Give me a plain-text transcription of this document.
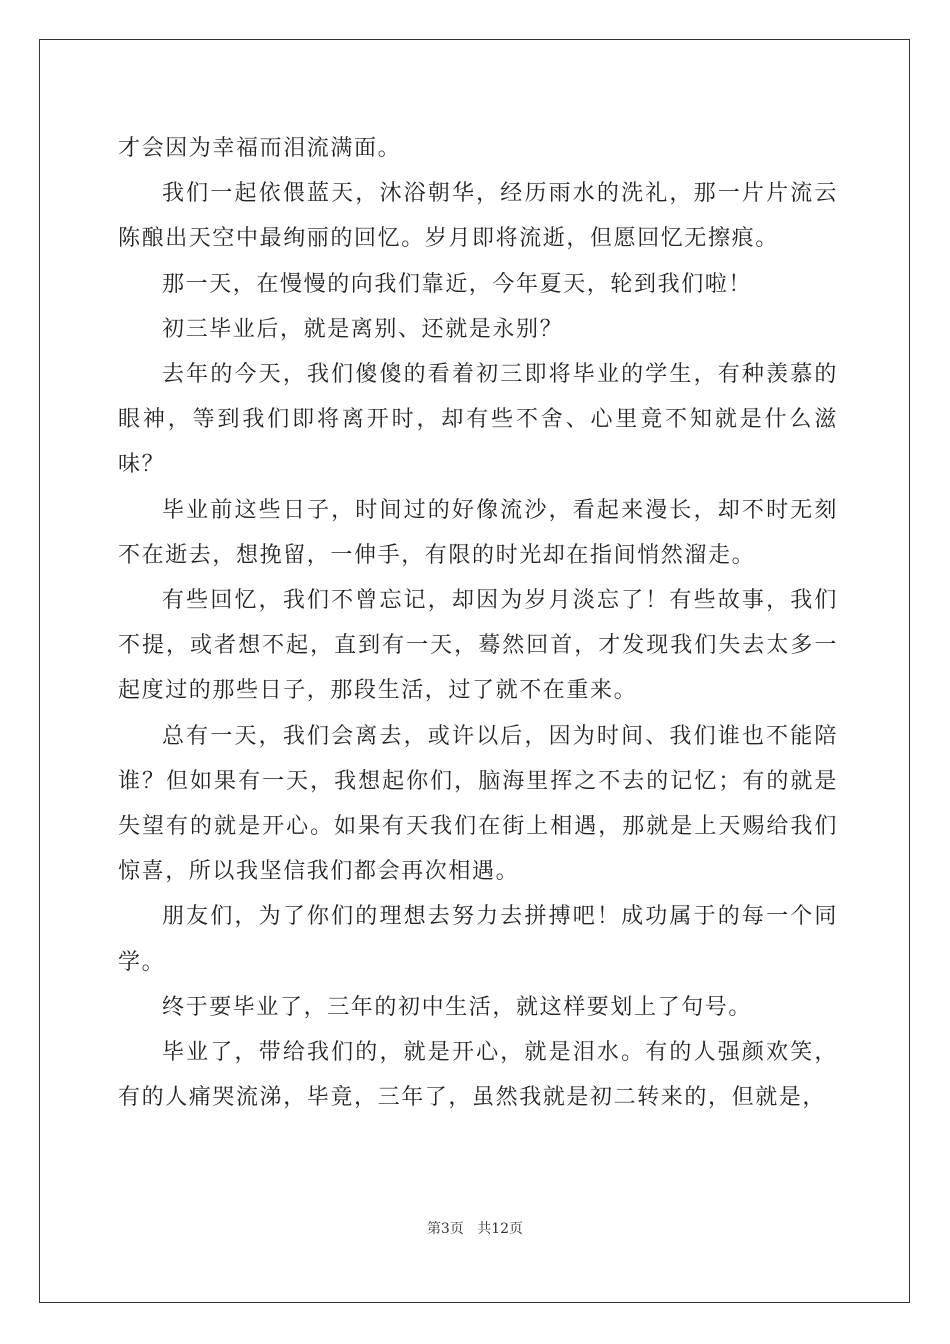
才会因为幸福而泪流满面。

我们一起依偎蓝天，沐浴朝华，经历雨水的洗礼，那一片片流云陈酿出天空中最绚丽的回忆。岁月即将流逝，但愿回忆无擦痕。

那一天，在慢慢的向我们靠近，今年夏天，轮到我们啦！

初三毕业后，就是离别、还就是永别？

去年的今天，我们傻傻的看着初三即将毕业的学生，有种羡慕的眼神，等到我们即将离开时，却有些不舍、心里竟不知就是什么滋味？

毕业前这些日子，时间过的好像流沙，看起来漫长，却不时无刻不在逝去，想挽留，一伸手，有限的时光却在指间悄然溜走。

有些回忆，我们不曾忘记，却因为岁月淡忘了！有些故事，我们不提，或者想不起，直到有一天，蓦然回首，才发现我们失去太多一起度过的那些日子，那段生活，过了就不在重来。

总有一天，我们会离去，或许以后，因为时间、我们谁也不能陪谁？但如果有一天，我想起你们，脑海里挥之不去的记忆；有的就是失望有的就是开心。如果有天我们在街上相遇，那就是上天赐给我们惊喜，所以我坚信我们都会再次相遇。

朋友们，为了你们的理想去努力去拼搏吧！成功属于的每一个同学。

终于要毕业了，三年的初中生活，就这样要划上了句号。

毕业了，带给我们的，就是开心，就是泪水。有的人强颜欢笑，有的人痛哭流涕，毕竟，三年了，虽然我就是初二转来的，但就是，

第3页 共12页
